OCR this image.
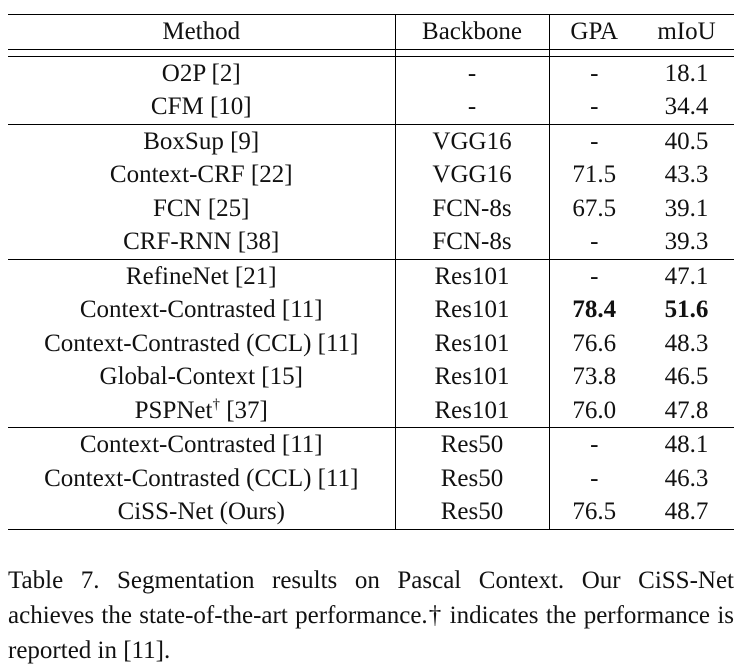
Method	Backbone	GPA	mIoU

O2P [2]	-	-	18.1
CFM [10]	-	-	34.4
BoxSup [9]	VGG16	-	40.5
Context-CRF [22]	VGG16	71.5	43.3
FCN [25]	FCN-8s	67.5	39.1
CRF-RNN [38]	FCN-8s	-	39.3
RefineNet [21]	Res101	-	47.1
Context-Contrasted [11]	Res101	78.4	51.6
Context-Contrasted (CCL) [11]	Res101	76.6	48.3
Global-Context [15]	Res101	73.8	46.5
PSPNet† [37]	Res101	76.0	47.8
Context-Contrasted [11]	Res50	-	48.1
Context-Contrasted (CCL) [11]	Res50	-	46.3
CiSS-Net (Ours)	Res50	76.5	48.7

Table 7. Segmentation results on Pascal Context. Our CiSS-Net achieves the state-of-the-art performance.† indicates the performance is reported in [11].
